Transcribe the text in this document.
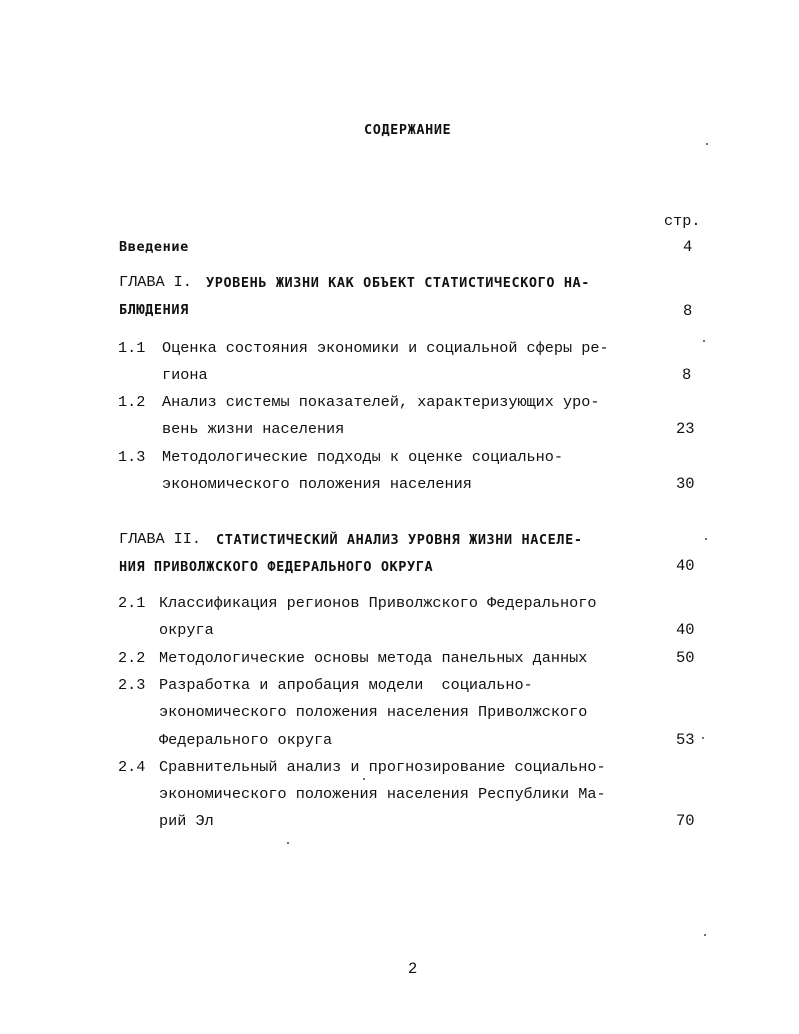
СОДЕРЖАНИЕ
стр.
Введение	4
ГЛАВА I. УРОВЕНЬ ЖИЗНИ КАК ОБЪЕКТ СТАТИСТИЧЕСКОГО НА-
БЛЮДЕНИЯ	8
1.1 Оценка состояния экономики и социальной сферы ре-
гиона	8
1.2 Анализ системы показателей, характеризующих уро-
вень жизни населения	23
1.3 Методологические подходы к оценке социально-
экономического положения населения	30
ГЛАВА II. СТАТИСТИЧЕСКИЙ АНАЛИЗ УРОВНЯ ЖИЗНИ НАСЕЛЕ-
НИЯ ПРИВОЛЖСКОГО ФЕДЕРАЛЬНОГО ОКРУГА	40
2.1 Классификация регионов Приволжского Федерального
округа	40
2.2 Методологические основы метода панельных данных	50
2.3 Разработка и апробация модели  социально-
экономического положения населения Приволжского
Федерального округа	53
2.4 Сравнительный анализ и прогнозирование социально-
экономического положения населения Республики Ма-
рий Эл	70
2
